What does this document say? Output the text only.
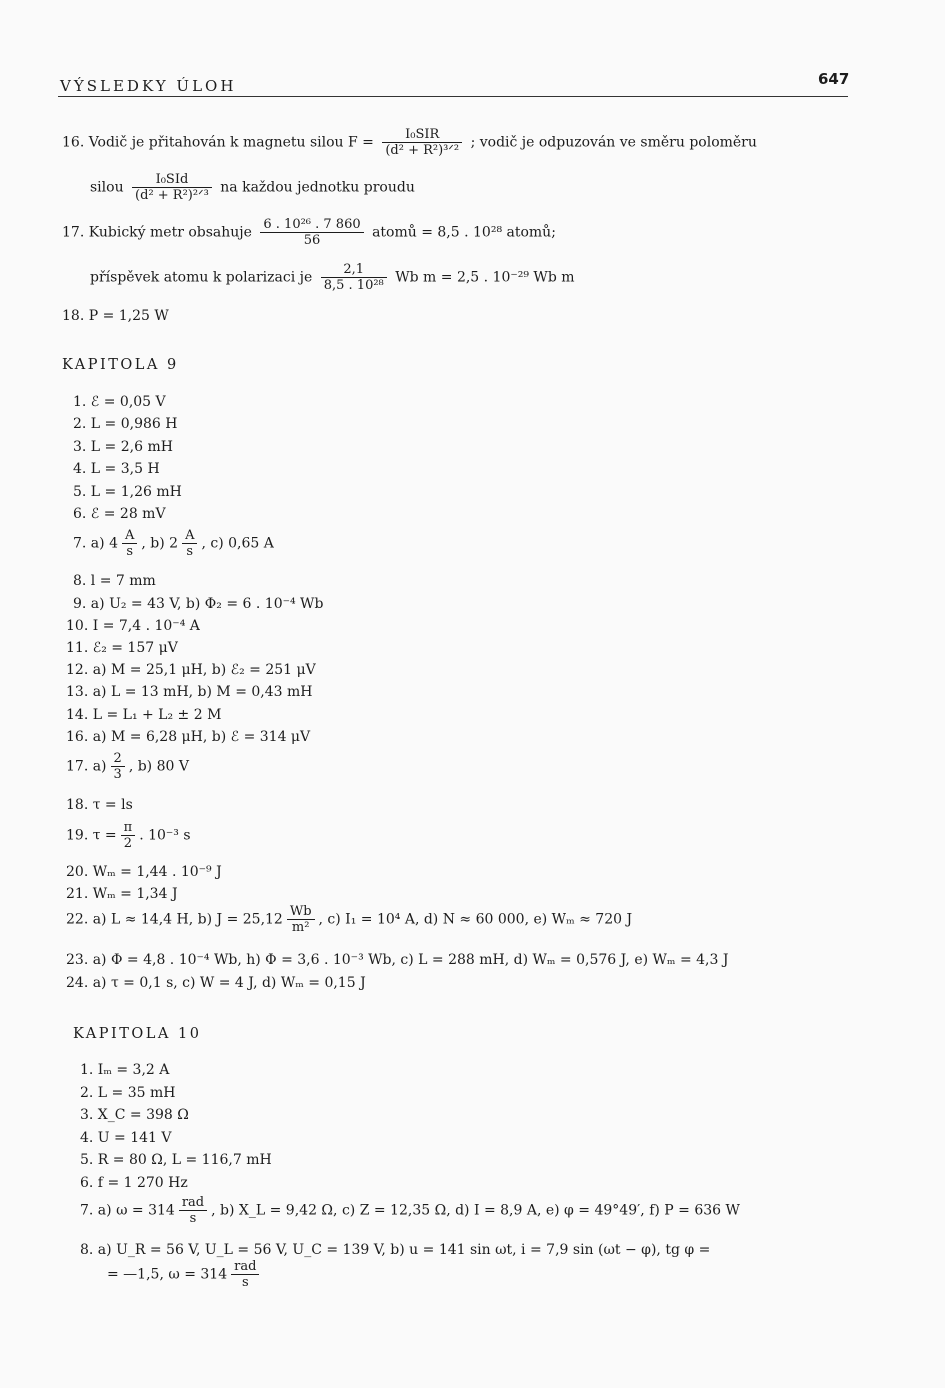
VÝSLEDKY ÚLOH	647
16. Vodič je přitahován k magnetu silou $F = \frac{\text{I₀SIR}}{\text{(d² + R²)³ᐟ²}}$ ; vodič je odpuzován ve směru poloměru
silou $\frac{\text{I₀SId}}{\text{(d² + R²)²ᐟ³}}$ na každou jednotku proudu
17. Kubický metr obsahuje $\frac{\text{6 . 10²⁶ . 7 860}}{56}$ atomů = 8,5 . 10²⁸ atomů;
příspěvek atomu k polarizaci je $\frac{2,1}{\text{8,5 . 10²⁸}}$ Wb m = 2,5 . 10⁻²⁹ Wb m
18. P = 1,25 W
KAPITOLA 9
1. ℰ = 0,05 V
2. L = 0,986 H
3. L = 2,6 mH
4. L = 3,5 H
5. L = 1,26 mH
6. ℰ = 28 mV
7. a) $4 \frac{A}{s}$ , b) $2 \frac{A}{s}$ , c) 0,65 A
8. l = 7 mm
9. a) U₂ = 43 V, b) Φ₂ = 6 . 10⁻⁴ Wb
10. I = 7,4 . 10⁻⁴ A
11. ℰ₂ = 157 μV
12. a) M = 25,1 μH, b) ℰ₂ = 251 μV
13. a) L = 13 mH, b) M = 0,43 mH
14. L = L₁ + L₂ ± 2 M
16. a) M = 6,28 μH, b) ℰ = 314 μV
17. $a) \frac{2}{3}$ , b) 80 V
18. τ = ls
19. $\tau = \frac{\pi}{2}$ . 10⁻³ s
20. Wₘ = 1,44 . 10⁻⁹ J
21. Wₘ = 1,34 J
22. a) L ≈ 14,4 H, b) $J = 25,12 \frac{Wb}{\text{m²}}$ , c) I₁ = 10⁴ A, d) N ≈ 60 000, e) Wₘ ≈ 720 J
23. a) Φ = 4,8 . 10⁻⁴ Wb, h) Φ = 3,6 . 10⁻³ Wb, c) L = 288 mH, d) Wₘ = 0,576 J, e) Wₘ = 4,3 J
24. a) τ = 0,1 s, c) W = 4 J, d) Wₘ = 0,15 J
KAPITOLA 10
1. Iₘ = 3,2 A
2. L = 35 mH
3. X_C = 398 Ω
4. U = 141 V
5. R = 80 Ω, L = 116,7 mH
6. f = 1 270 Hz
7. a) $\omega = 314 \frac{\text{rad}}{s}$ , b) X_L = 9,42 Ω, c) Z = 12,35 Ω, d) I = 8,9 A, e) φ = 49°49′, f) P = 636 W
8. a) U_R = 56 V, U_L = 56 V, U_C = 139 V, b) u = 141 sin ωt, i = 7,9 sin (ωt − φ), tg φ =
= —1,5, $\omega = 314 \frac{\text{rad}}{s}$
